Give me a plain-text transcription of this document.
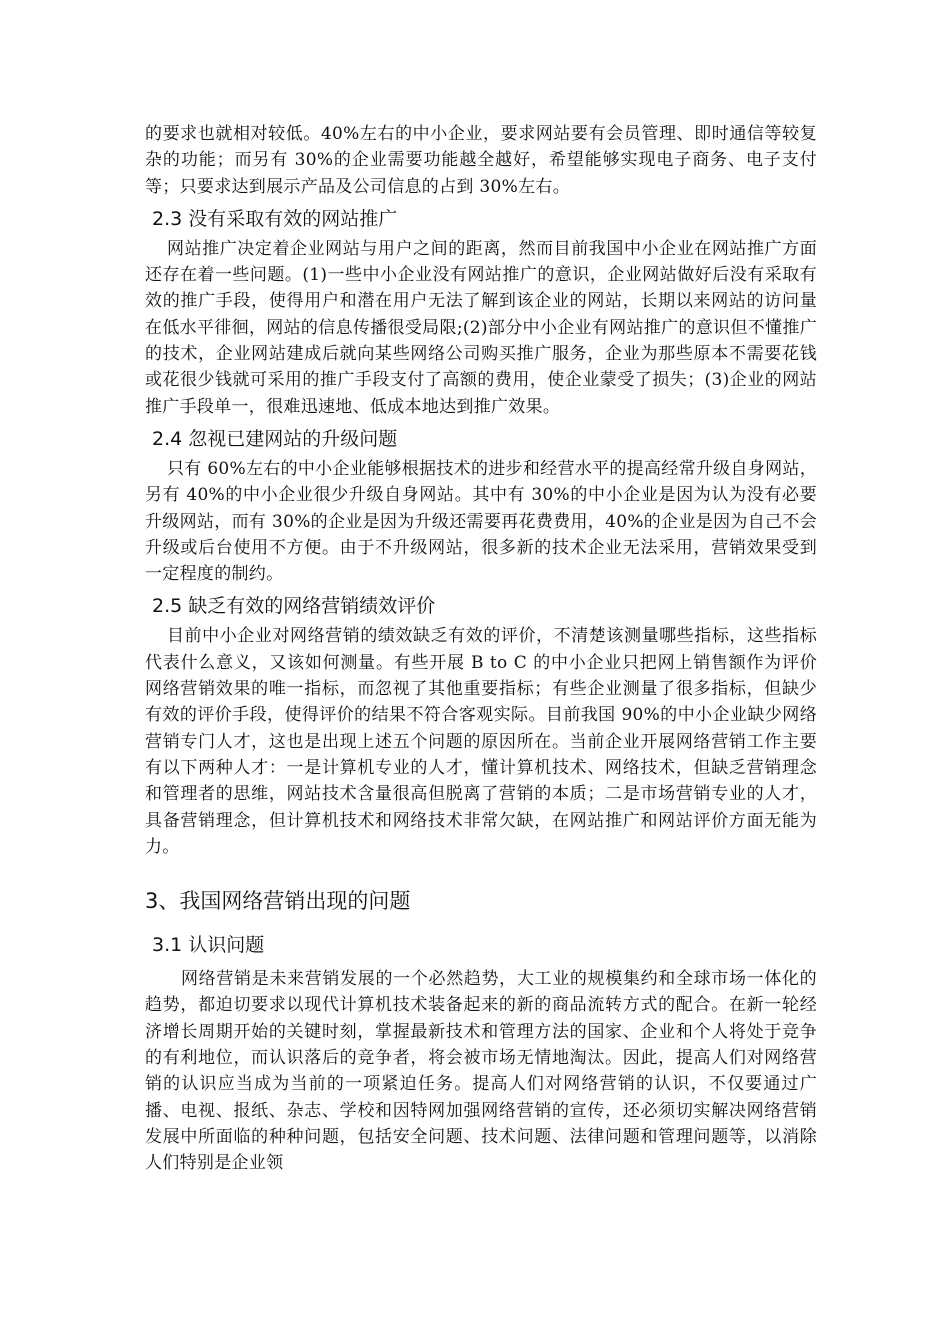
的要求也就相对较低。40%左右的中小企业，要求网站要有会员管理、即时通信等较复杂的功能；而另有 30%的企业需要功能越全越好，希望能够实现电子商务、电子支付等；只要求达到展示产品及公司信息的占到 30%左右。

2.3 没有采取有效的网站推广

网站推广决定着企业网站与用户之间的距离，然而目前我国中小企业在网站推广方面还存在着一些问题。(1)一些中小企业没有网站推广的意识，企业网站做好后没有采取有效的推广手段，使得用户和潜在用户无法了解到该企业的网站，长期以来网站的访问量在低水平徘徊，网站的信息传播很受局限;(2)部分中小企业有网站推广的意识但不懂推广的技术，企业网站建成后就向某些网络公司购买推广服务，企业为那些原本不需要花钱或花很少钱就可采用的推广手段支付了高额的费用，使企业蒙受了损失；(3)企业的网站推广手段单一，很难迅速地、低成本地达到推广效果。

2.4 忽视已建网站的升级问题

只有 60%左右的中小企业能够根据技术的进步和经营水平的提高经常升级自身网站，另有 40%的中小企业很少升级自身网站。其中有 30%的中小企业是因为认为没有必要升级网站，而有 30%的企业是因为升级还需要再花费费用，40%的企业是因为自己不会升级或后台使用不方便。由于不升级网站，很多新的技术企业无法采用，营销效果受到一定程度的制约。

2.5 缺乏有效的网络营销绩效评价

目前中小企业对网络营销的绩效缺乏有效的评价，不清楚该测量哪些指标，这些指标代表什么意义，又该如何测量。有些开展 B to C 的中小企业只把网上销售额作为评价网络营销效果的唯一指标，而忽视了其他重要指标；有些企业测量了很多指标，但缺少有效的评价手段，使得评价的结果不符合客观实际。目前我国 90%的中小企业缺少网络营销专门人才，这也是出现上述五个问题的原因所在。当前企业开展网络营销工作主要有以下两种人才：一是计算机专业的人才，懂计算机技术、网络技术，但缺乏营销理念和管理者的思维，网站技术含量很高但脱离了营销的本质；二是市场营销专业的人才，具备营销理念，但计算机技术和网络技术非常欠缺，在网站推广和网站评价方面无能为力。

3、我国网络营销出现的问题
3.1 认识问题

网络营销是未来营销发展的一个必然趋势，大工业的规模集约和全球市场一体化的趋势，都迫切要求以现代计算机技术装备起来的新的商品流转方式的配合。在新一轮经济增长周期开始的关键时刻，掌握最新技术和管理方法的国家、企业和个人将处于竞争的有利地位，而认识落后的竞争者，将会被市场无情地淘汰。因此，提高人们对网络营销的认识应当成为当前的一项紧迫任务。提高人们对网络营销的认识，不仅要通过广播、电视、报纸、杂志、学校和因特网加强网络营销的宣传，还必须切实解决网络营销发展中所面临的种种问题，包括安全问题、技术问题、法律问题和管理问题等，以消除人们特别是企业领
